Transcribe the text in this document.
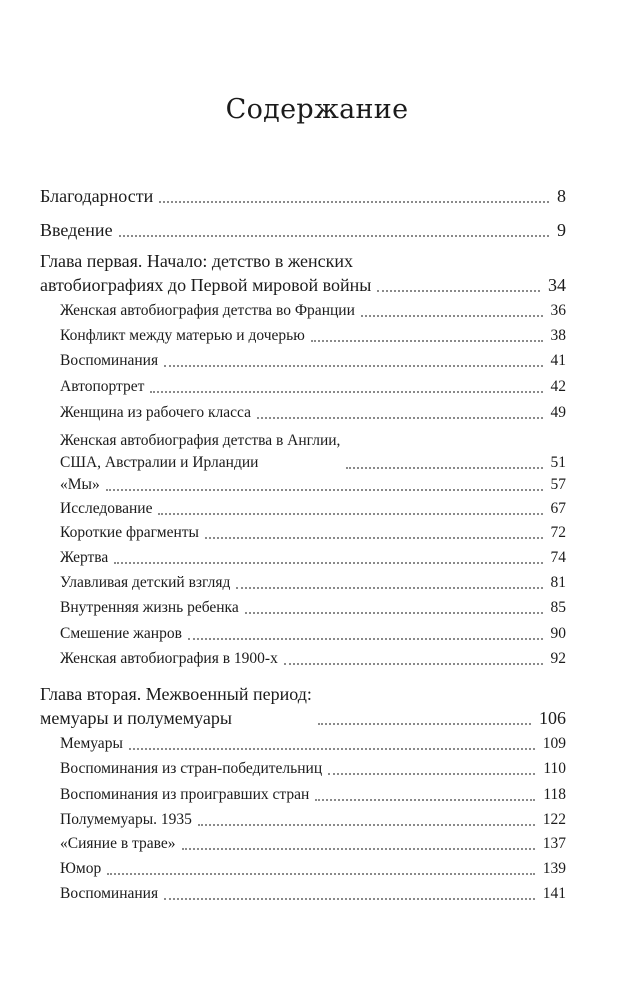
Содержание
Благодарности	8
Введение	9
Глава первая. Начало: детство в женских
автобиографиях до Первой мировой войны	34
Женская автобиография детства во Франции	36
Конфликт между матерью и дочерью	38
Воспоминания	41
Автопортрет	42
Женщина из рабочего класса	49
Женская автобиография детства в Англии,
США, Австралии и Ирландии	51
«Мы»	57
Исследование	67
Короткие фрагменты	72
Жертва	74
Улавливая детский взгляд	81
Внутренняя жизнь ребенка	85
Смешение жанров	90
Женская автобиография в 1900-х	92
Глава вторая. Межвоенный период:
мемуары и полумемуары	106
Мемуары	109
Воспоминания из стран-победительниц	110
Воспоминания из проигравших стран	118
Полумемуары. 1935	122
«Сияние в траве»	137
Юмор	139
Воспоминания	141
